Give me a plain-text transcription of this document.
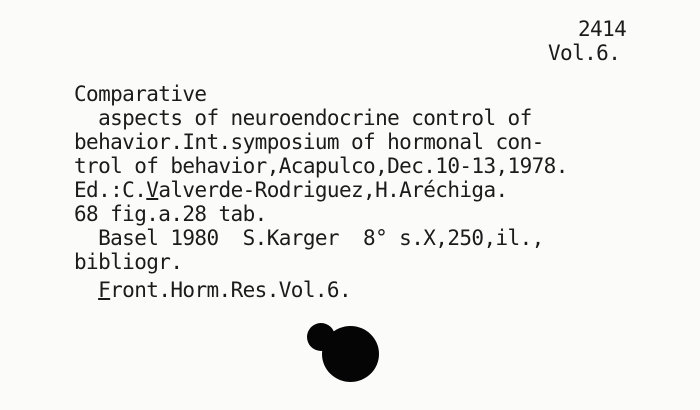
2414
Vol.6.
Comparative
aspects of neuroendocrine control of
behavior.Int.symposium of hormonal con-
trol of behavior,Acapulco,Dec.10-13,1978.
Ed.:C.Valverde-Rodriguez,H.Aréchiga.
68 fig.a.28 tab.
Basel 1980  S.Karger  8° s.X,250,il.,
bibliogr.
Front.Horm.Res.Vol.6.
